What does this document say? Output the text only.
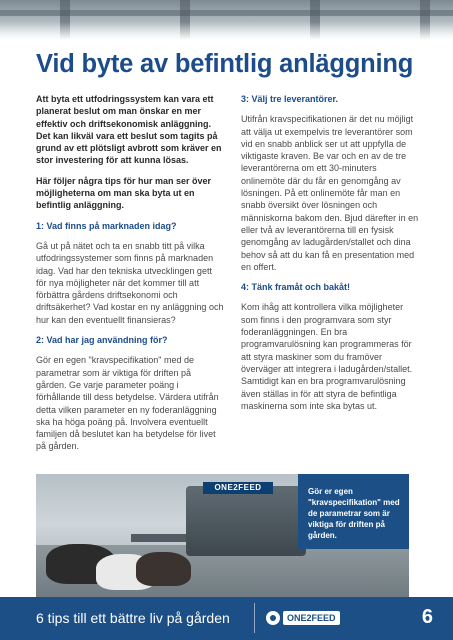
Vid byte av befintlig anläggning

Att byta ett utfodringssystem kan vara ett planerat beslut om man önskar en mer effektiv och driftsekonomisk anläggning. Det kan likväl vara ett beslut som tagits på grund av ett plötsligt avbrott som kräver en stor investering för att kunna lösas.

Här följer några tips för hur man ser över möjligheterna om man ska byta ut en befintlig anläggning.

1: Vad finns på marknaden idag?

Gå ut på nätet och ta en snabb titt på vilka utfodringssystemer som finns på marknaden idag. Vad har den tekniska utvecklingen gett för nya möjligheter när det kommer till att förbättra gårdens driftsekonomi och driftsäkerhet? Vad kostar en ny anläggning och hur kan den eventuellt finansieras?

2: Vad har jag användning för?

Gör en egen "kravspecifikation" med de parametrar som är viktiga för driften på gården. Ge varje parameter poäng i förhållande till dess betydelse. Värdera utifrån detta vilken parameter en ny foderanläggning ska ha höga poäng på. Involvera eventuellt familjen då beslutet kan ha betydelse för livet på gården.

3: Välj tre leverantörer.

Utifrån kravspecifikationen är det nu möjligt att välja ut exempelvis tre leverantörer som vid en snabb anblick ser ut att uppfylla de viktigaste kraven. Be var och en av de tre leverantörerna om ett 30-minuters onlinemöte där du får en genomgång av lösningen. På ett onlinemöte får man en snabb översikt över lösningen och människorna bakom den. Bjud därefter in en eller två av leverantörerna till en fysisk genomgång av ladugården/stallet och dina behov så att du kan få en presentation med en offert.

4: Tänk framåt och bakåt!

Kom ihåg att kontrollera vilka möjligheter som finns i den programvara som styr foderanläggningen. En bra programvarulösning kan programmeras för att styra maskiner som du framöver överväger att integrera i ladugården/stallet. Samtidigt kan en bra programvarulösning även ställas in för att styra de befintliga maskinerna som inte ska bytas ut.

ONE2FEED	Gör er egen "kravspecifikation" med de parametrar som är viktiga för driften på gården.
6 tips till ett bättre liv på gården	ONE2FEED	6
